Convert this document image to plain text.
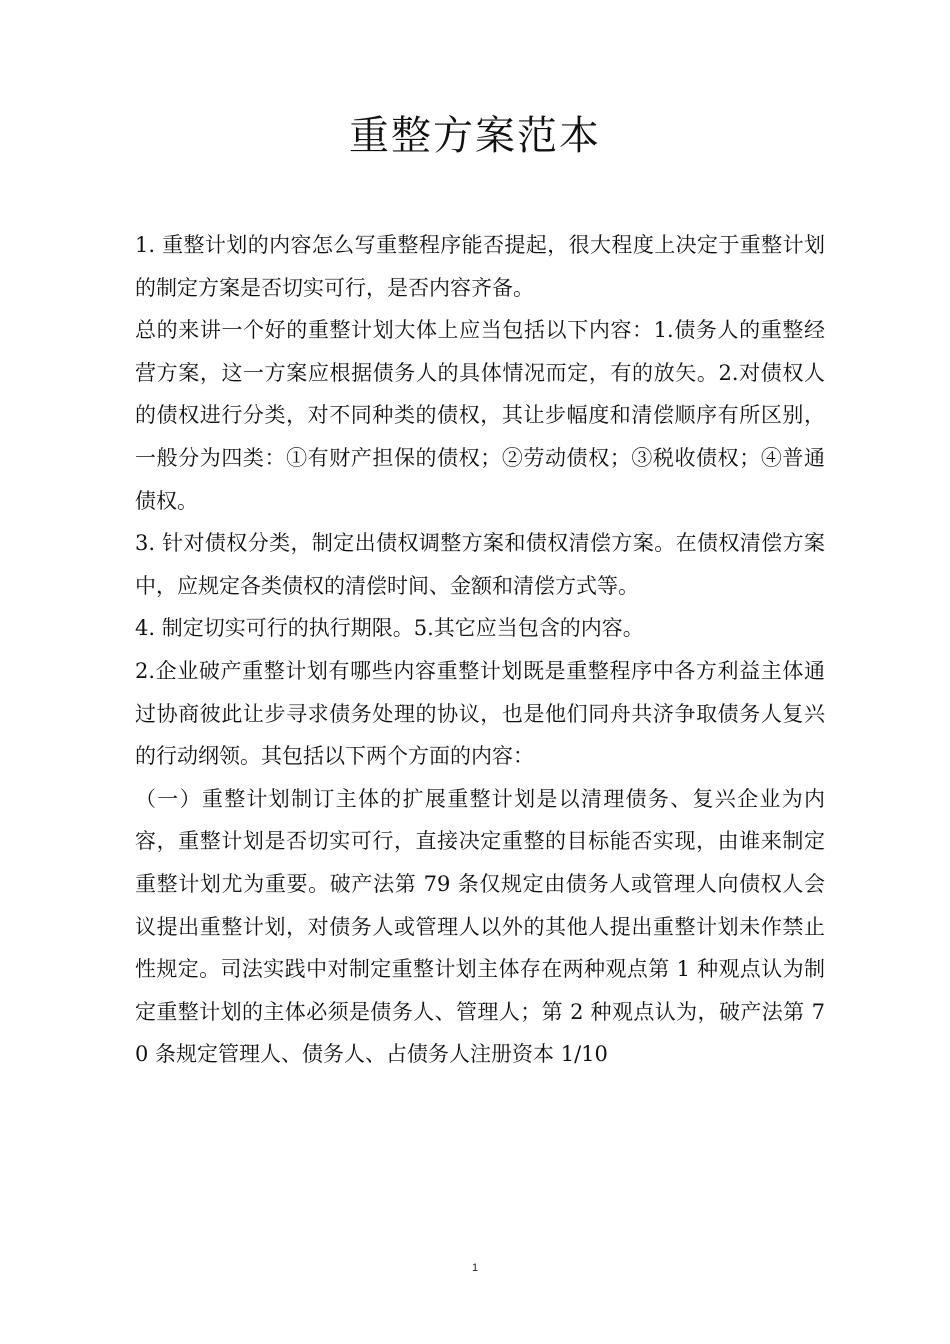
重整方案范本

1. 重整计划的内容怎么写重整程序能否提起，很大程度上决定于重整计划的制定方案是否切实可行，是否内容齐备。

总的来讲一个好的重整计划大体上应当包括以下内容：1.债务人的重整经营方案，这一方案应根据债务人的具体情况而定，有的放矢。2.对债权人的债权进行分类，对不同种类的债权，其让步幅度和清偿顺序有所区别，一般分为四类：①有财产担保的债权；②劳动债权；③税收债权；④普通债权。

3. 针对债权分类，制定出债权调整方案和债权清偿方案。在债权清偿方案中，应规定各类债权的清偿时间、金额和清偿方式等。

4. 制定切实可行的执行期限。5.其它应当包含的内容。

2.企业破产重整计划有哪些内容重整计划既是重整程序中各方利益主体通过协商彼此让步寻求债务处理的协议，也是他们同舟共济争取债务人复兴的行动纲领。其包括以下两个方面的内容：

（一）重整计划制订主体的扩展重整计划是以清理债务、复兴企业为内容，重整计划是否切实可行，直接决定重整的目标能否实现，由谁来制定重整计划尤为重要。破产法第 79 条仅规定由债务人或管理人向债权人会议提出重整计划，对债务人或管理人以外的其他人提出重整计划未作禁止性规定。司法实践中对制定重整计划主体存在两种观点第 1 种观点认为制定重整计划的主体必须是债务人、管理人；第 2 种观点认为，破产法第 70 条规定管理人、债务人、占债务人注册资本 1/10

1
